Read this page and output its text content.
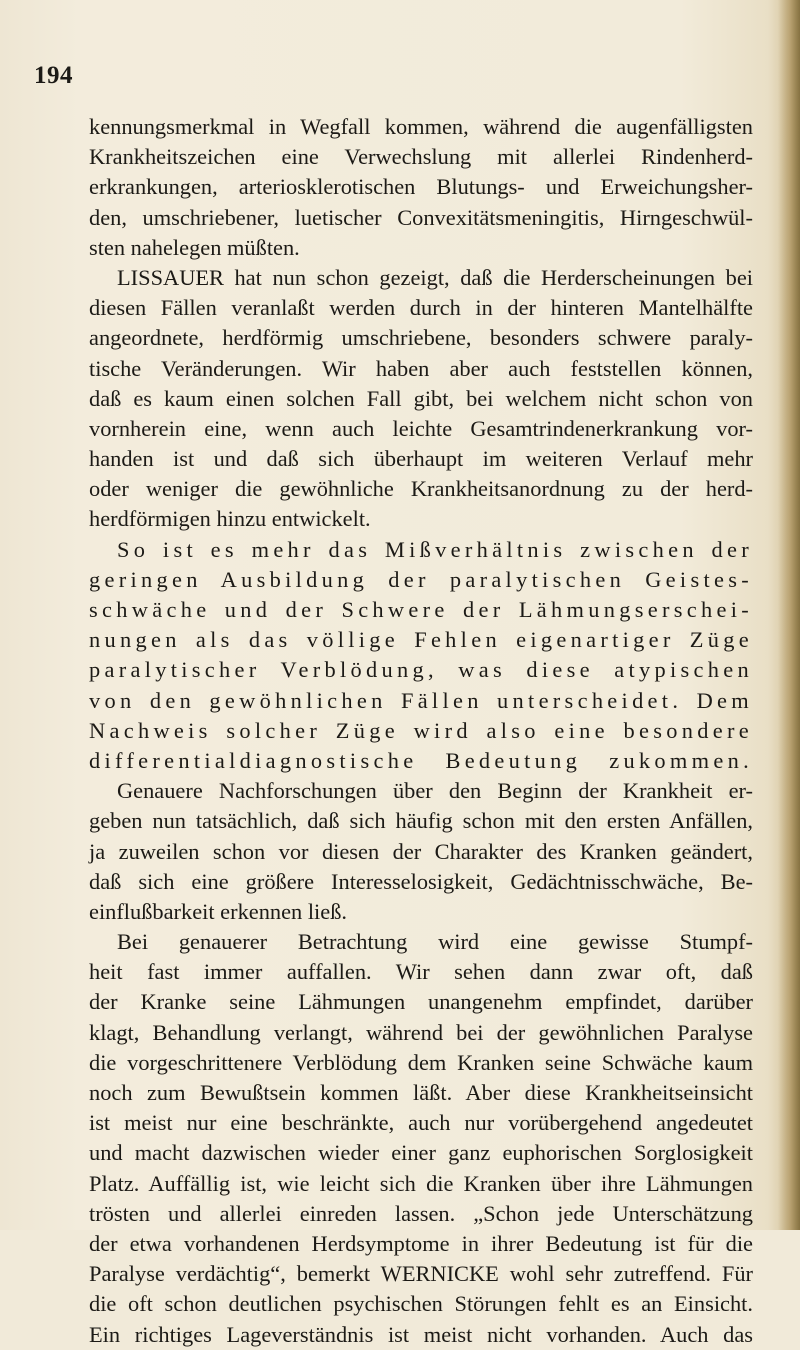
194
kennungsmerkmal in Wegfall kommen, während die augenfälligsten
Krankheitszeichen eine Verwechslung mit allerlei Rindenherd-
erkrankungen, arteriosklerotischen Blutungs- und Erweichungsher-
den, umschriebener, luetischer Convexitätsmeningitis, Hirngeschwül-
sten nahelegen müßten.
LISSAUER hat nun schon gezeigt, daß die Herderscheinungen bei
diesen Fällen veranlaßt werden durch in der hinteren Mantelhälfte
angeordnete, herdförmig umschriebene, besonders schwere paraly-
tische Veränderungen. Wir haben aber auch feststellen können,
daß es kaum einen solchen Fall gibt, bei welchem nicht schon von
vornherein eine, wenn auch leichte Gesamtrindenerkrankung vor-
handen ist und daß sich überhaupt im weiteren Verlauf mehr
oder weniger die gewöhnliche Krankheitsanordnung zu der herd-
herdförmigen hinzu entwickelt.
So ist es mehr das Mißverhältnis zwischen der
geringen Ausbildung der paralytischen Geistes-
schwäche und der Schwere der Lähmungserschei-
nungen als das völlige Fehlen eigenartiger Züge
paralytischer Verblödung, was diese atypischen
von den gewöhnlichen Fällen unterscheidet. Dem
Nachweis solcher Züge wird also eine besondere
differentialdiagnostische Bedeutung zukommen.
Genauere Nachforschungen über den Beginn der Krankheit er-
geben nun tatsächlich, daß sich häufig schon mit den ersten Anfällen,
ja zuweilen schon vor diesen der Charakter des Kranken geändert,
daß sich eine größere Interesselosigkeit, Gedächtnisschwäche, Be-
einflußbarkeit erkennen ließ.
Bei genauerer Betrachtung wird eine gewisse Stumpf-
heit fast immer auffallen. Wir sehen dann zwar oft, daß
der Kranke seine Lähmungen unangenehm empfindet, darüber
klagt, Behandlung verlangt, während bei der gewöhnlichen Paralyse
die vorgeschrittenere Verblödung dem Kranken seine Schwäche kaum
noch zum Bewußtsein kommen läßt. Aber diese Krankheitseinsicht
ist meist nur eine beschränkte, auch nur vorübergehend angedeutet
und macht dazwischen wieder einer ganz euphorischen Sorglosigkeit
Platz. Auffällig ist, wie leicht sich die Kranken über ihre Lähmungen
trösten und allerlei einreden lassen. „Schon jede Unterschätzung
der etwa vorhandenen Herdsymptome in ihrer Bedeutung ist für die
Paralyse verdächtig“, bemerkt WERNICKE wohl sehr zutreffend. Für
die oft schon deutlichen psychischen Störungen fehlt es an Einsicht.
Ein richtiges Lageverständnis ist meist nicht vorhanden. Auch das
